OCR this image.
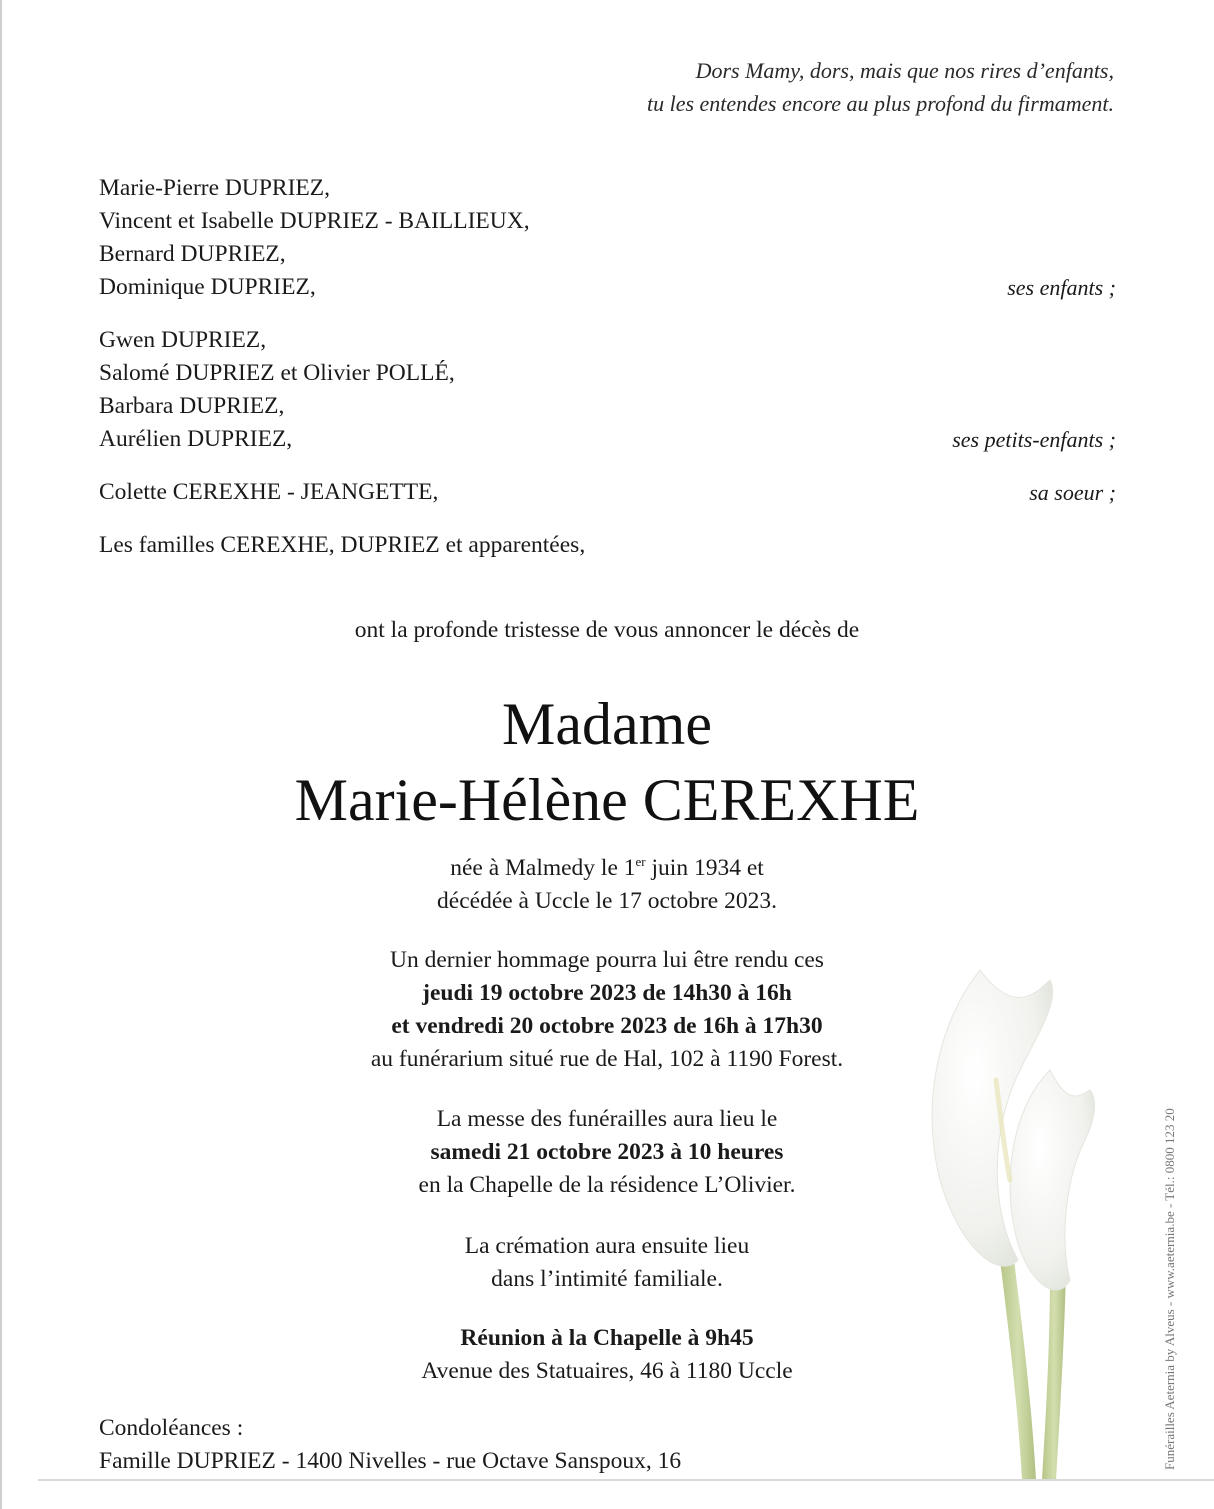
Dors Mamy, dors, mais que nos rires d’enfants,
tu les entendes encore au plus profond du firmament.
Marie-Pierre DUPRIEZ,
Vincent et Isabelle DUPRIEZ - BAILLIEUX,
Bernard DUPRIEZ,
Dominique DUPRIEZ,	ses enfants ;
Gwen DUPRIEZ,
Salomé DUPRIEZ et Olivier POLLÉ,
Barbara DUPRIEZ,
Aurélien DUPRIEZ,	ses petits-enfants ;
Colette CEREXHE - JEANGETTE,	sa soeur ;
Les familles CEREXHE, DUPRIEZ et apparentées,
ont la profonde tristesse de vous annoncer le décès de
Madame
Marie-Hélène CEREXHE
née à Malmedy le 1er juin 1934 et
décédée à Uccle le 17 octobre 2023.
Un dernier hommage pourra lui être rendu ces
jeudi 19 octobre 2023 de 14h30 à 16h
et vendredi 20 octobre 2023 de 16h à 17h30
au funérarium situé rue de Hal, 102 à 1190 Forest.
La messe des funérailles aura lieu le
samedi 21 octobre 2023 à 10 heures
en la Chapelle de la résidence L’Olivier.
La crémation aura ensuite lieu
dans l’intimité familiale.
Réunion à la Chapelle à 9h45
Avenue des Statuaires, 46 à 1180 Uccle
Condoléances :
Famille DUPRIEZ - 1400 Nivelles - rue Octave Sanspoux, 16	Funérailles Aeternia by Alveus - www.aeternia.be - Tél.: 0800 123 20
